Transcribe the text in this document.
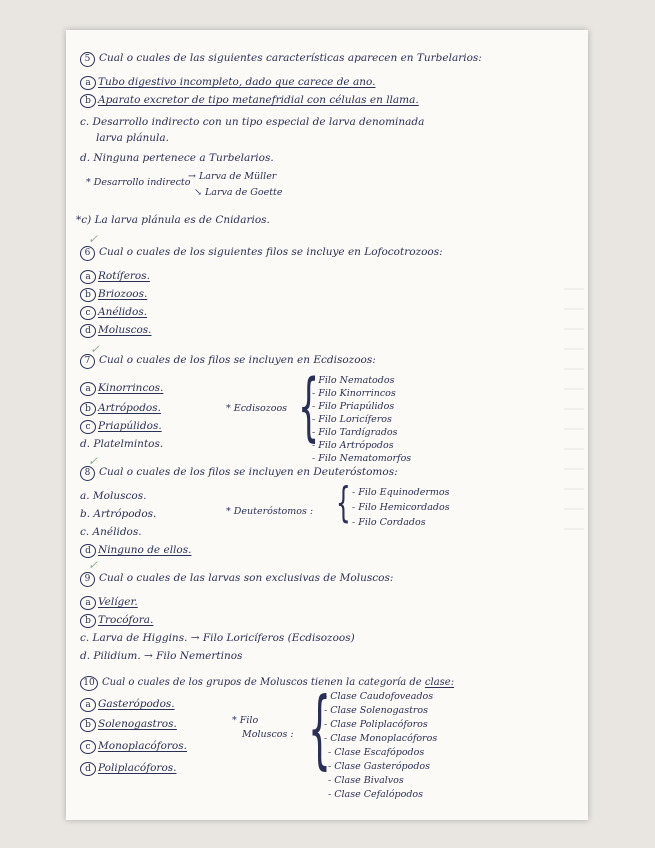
5 Cual o cuales de las siguientes características aparecen en Turbelarios:
a Tubo digestivo incompleto, dado que carece de ano.
b Aparato excretor de tipo metanefridial con células en llama.
c. Desarrollo indirecto con un tipo especial de larva denominada
larva plánula.
d. Ninguna pertenece a Turbelarios.
* Desarrollo indirecto
→ Larva de Müller
↘ Larva de Goette
*c) La larva plánula es de Cnidarios.
✓
6 Cual o cuales de los siguientes filos se incluye en Lofocotrozoos:
a Rotíferos.
b Briozoos.
c Anélidos.
d Moluscos.
✓
7 Cual o cuales de los filos se incluyen en Ecdisozoos:
a Kinorrincos.
b Artrópodos.
c Priapúlidos.
d. Platelmintos.
* Ecdisozoos {
- Filo Nematodos
- Filo Kinorrincos
- Filo Priapúlidos
- Filo Loricíferos
- Filo Tardígrados
- Filo Artrópodos
- Filo Nematomorfos
✓
8 Cual o cuales de los filos se incluyen en Deuteróstomos:
a. Moluscos.
b. Artrópodos.
c. Anélidos.
d Ninguno de ellos.
* Deuteróstomos : { - Filo Equinodermos
- Filo Hemicordados
- Filo Cordados
✓
9 Cual o cuales de las larvas son exclusivas de Moluscos:
a Velíger.
b Trocófora.
c. Larva de Higgins. → Filo Loricíferos (Ecdisozoos)
d. Pilidium. → Filo Nemertinos
10 Cual o cuales de los grupos de Moluscos tienen la categoría de clase:
a Gasterópodos.
b Solenogastros.
c Monoplacóforos.
d Poliplacóforos.
* Filo
Moluscos : {
- Clase Caudofoveados
- Clase Solenogastros
- Clase Poliplacóforos
- Clase Monoplacóforos
- Clase Escafópodos
- Clase Gasterópodos
- Clase Bivalvos
- Clase Cefalópodos
